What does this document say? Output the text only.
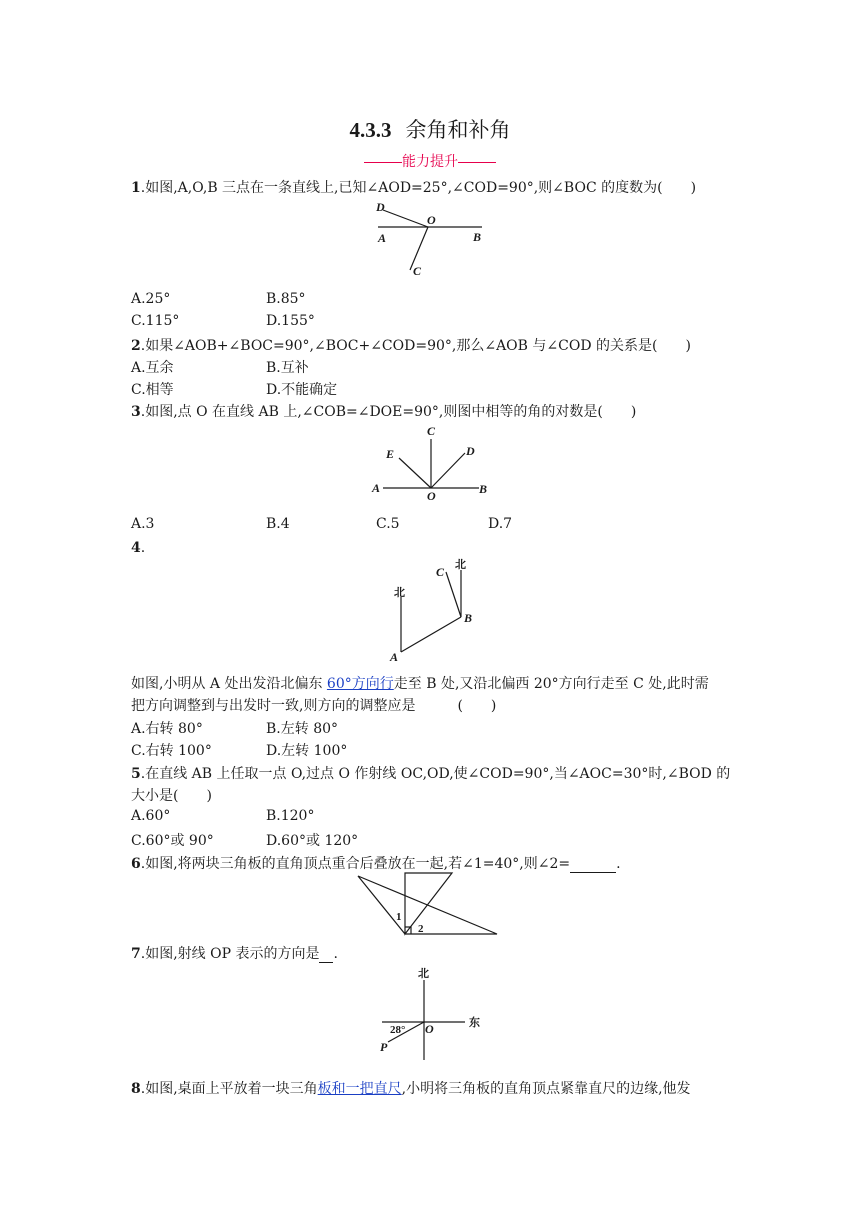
4.3.3 余角和补角
能力提升
1.如图,A,O,B 三点在一条直线上,已知∠AOD=25°,∠COD=90°,则∠BOC 的度数为(　　)
D
O
A	B
C
A.25°	B.85°
C.115°	D.155°
2.如果∠AOB+∠BOC=90°,∠BOC+∠COD=90°,那么∠AOB 与∠COD 的关系是(　　)
A.互余	B.互补
C.相等	D.不能确定
3.如图,点 O 在直线 AB 上,∠COB=∠DOE=90°,则图中相等的角的对数是(　　)
C
E	D
A
O	B
A.3	B.4	C.5	D.7
4.
北
北
C
B
A
如图,小明从 A 处出发沿北偏东 60°方向行走至 B 处,又沿北偏西 20°方向行走至 C 处,此时需
把方向调整到与出发时一致,则方向的调整应是　　　(　　)
A.右转 80°	B.左转 80°
C.右转 100°	D.左转 100°
5.在直线 AB 上任取一点 O,过点 O 作射线 OC,OD,使∠COD=90°,当∠AOC=30°时,∠BOD 的
大小是(　　)
A.60°	B.120°
C.60°或 90°	D.60°或 120°
6.如图,将两块三角板的直角顶点重合后叠放在一起,若∠1=40°,则∠2=	.
1
2
7.如图,射线 OP 表示的方向是 .
北
东
28° O
P
8.如图,桌面上平放着一块三角板和一把直尺,小明将三角板的直角顶点紧靠直尺的边缘,他发
